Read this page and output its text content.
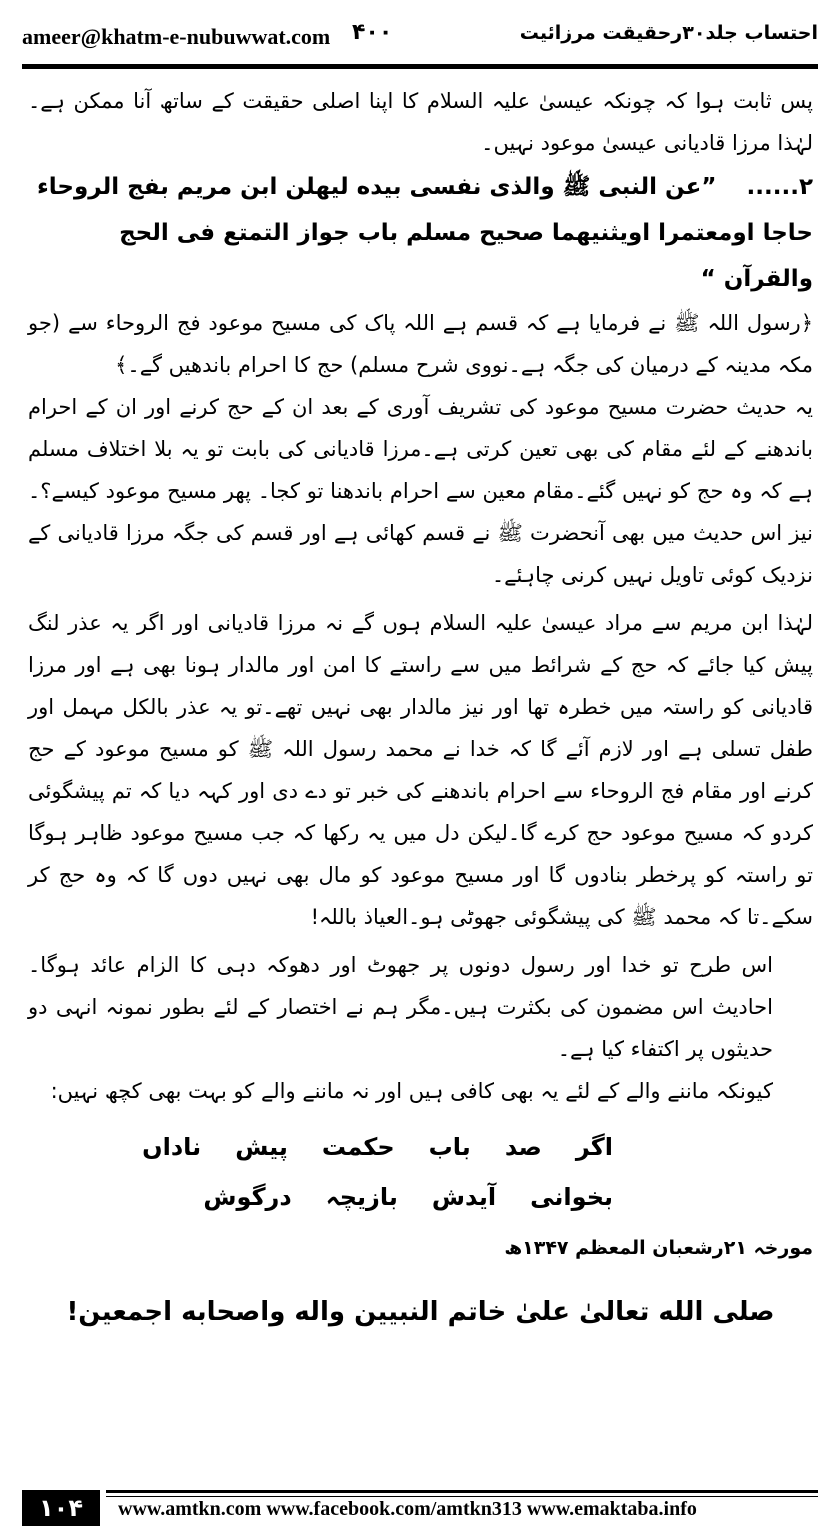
ameer@khatm-e-nubuwwat.com ۴۰۰	احتساب جلد۳۰رحقیقت مرزائیت

پس ثابت ہوا کہ چونکہ عیسیٰ علیہ السلام کا اپنا اصلی حقیقت کے ساتھ آنا ممکن ہے۔لہٰذا مرزا قادیانی عیسیٰ موعود نہیں۔

۲......”عن النبی ﷺ والذی نفسی بیده لیهلن ابن مریم بفج الروحاء حاجا اومعتمرا اویثنیهما صحیح مسلم باب جواز التمتع فی الحج والقرآن “

﴿رسول اللہ ﷺ نے فرمایا ہے کہ قسم ہے اللہ پاک کی مسیح موعود فج الروحاء سے (جو مکہ مدینہ کے درمیان کی جگہ ہے۔نووی شرح مسلم) حج کا احرام باندھیں گے۔﴾

یہ حدیث حضرت مسیح موعود کی تشریف آوری کے بعد ان کے حج کرنے اور ان کے احرام باندھنے کے لئے مقام کی بھی تعین کرتی ہے۔مرزا قادیانی کی بابت تو یہ بلا اختلاف مسلم ہے کہ وہ حج کو نہیں گئے۔مقام معین سے احرام باندھنا تو کجا۔ پھر مسیح موعود کیسے؟۔ نیز اس حدیث میں بھی آنحضرت ﷺ نے قسم کھائی ہے اور قسم کی جگہ مرزا قادیانی کے نزدیک کوئی تاویل نہیں کرنی چاہئے۔

لہٰذا ابن مریم سے مراد عیسیٰ علیہ السلام ہوں گے نہ مرزا قادیانی اور اگر یہ عذر لنگ پیش کیا جائے کہ حج کے شرائط میں سے راستے کا امن اور مالدار ہونا بھی ہے اور مرزا قادیانی کو راستہ میں خطرہ تھا اور نیز مالدار بھی نہیں تھے۔تو یہ عذر بالکل مہمل اور طفل تسلی ہے اور لازم آئے گا کہ خدا نے محمد رسول اللہ ﷺ کو مسیح موعود کے حج کرنے اور مقام فج الروحاء سے احرام باندھنے کی خبر تو دے دی اور کہہ دیا کہ تم پیشگوئی کردو کہ مسیح موعود حج کرے گا۔لیکن دل میں یہ رکھا کہ جب مسیح موعود ظاہر ہوگا تو راستہ کو پرخطر بنادوں گا اور مسیح موعود کو مال بھی نہیں دوں گا کہ وہ حج کر سکے۔تا کہ محمد ﷺ کی پیشگوئی جھوٹی ہو۔العیاذ باللہ!

اس طرح تو خدا اور رسول دونوں پر جھوٹ اور دھوکہ دہی کا الزام عائد ہوگا۔احادیث اس مضمون کی بکثرت ہیں۔مگر ہم نے اختصار کے لئے بطور نمونہ انہی دو حدیثوں پر اکتفاء کیا ہے۔

کیونکہ ماننے والے کے لئے یہ بھی کافی ہیں اور نہ ماننے والے کو بہت بھی کچھ نہیں:

اگر
صد
باب
حکمت
پیش
ناداں
بخوانی
آیدش
بازیچہ
درگوش

مورخہ ۲۱رشعبان المعظم ۱۳۴۷ھ

صلی الله تعالیٰ علیٰ خاتم النبیین واله واصحابه اجمعین!

۱۰۴	www.amtkn.com www.facebook.com/amtkn313 www.emaktaba.info
